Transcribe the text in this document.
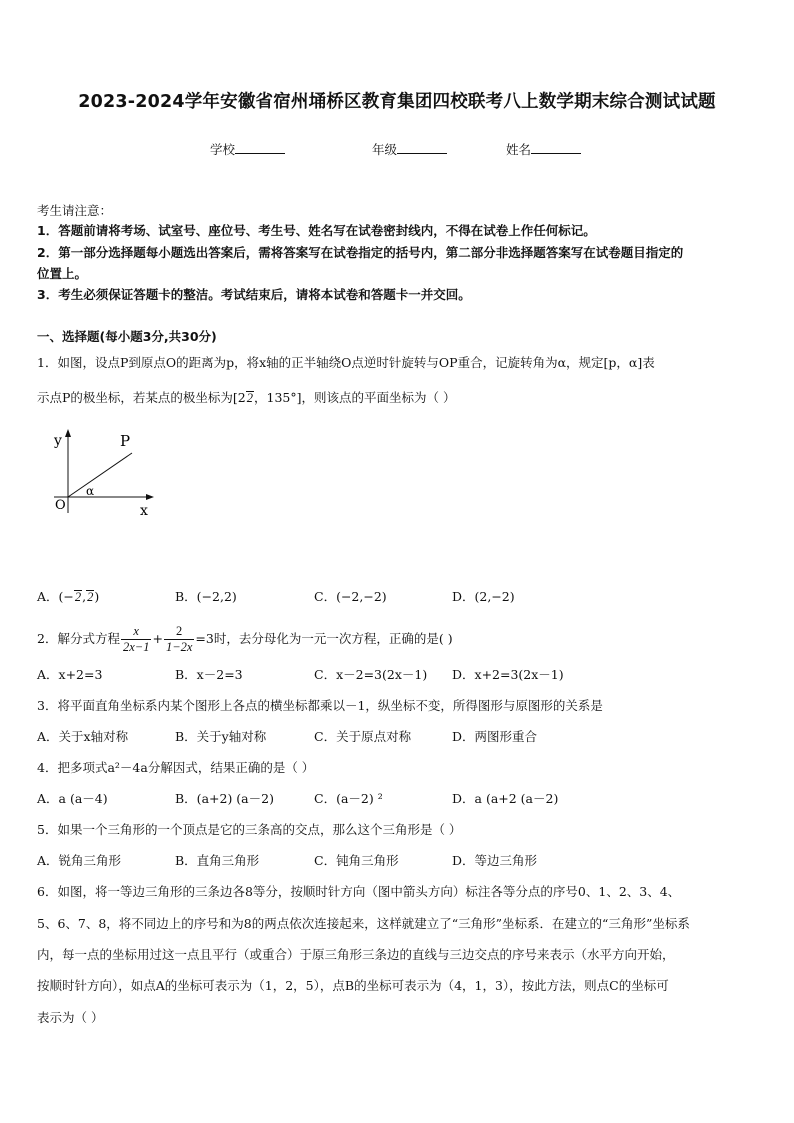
2023-2024学年安徽省宿州埇桥区教育集团四校联考八上数学期末综合测试试题
学校	年级	姓名
考生请注意：
1．答题前请将考场、试室号、座位号、考生号、姓名写在试卷密封线内，不得在试卷上作任何标记。
2．第一部分选择题每小题选出答案后，需将答案写在试卷指定的括号内，第二部分非选择题答案写在试卷题目指定的
位置上。
3．考生必须保证答题卡的整洁。考试结束后，请将本试卷和答题卡一并交回。
一、选择题(每小题3分,共30分)
1．如图，设点P到原点O的距离为p，将x轴的正半轴绕O点逆时针旋转与OP重合，记旋转角为α，规定[p，α]表
示点P的极坐标，若某点的极坐标为[22，135°]，则该点的平面坐标为（ ）
y
x
P
O
α
A．(−2,2)	B．(−2,2)	C．(−2,−2)	D．(2,−2)
2．解分式方程 $\frac{x}{2x-1} + \frac{2}{1-2x} =3$时，去分母化为一元一次方程，正确的是( )
A．x+2=3	B．x－2=3	C．x－2=3(2x－1) D．x+2=3(2x－1)
3．将平面直角坐标系内某个图形上各点的横坐标都乘以－1，纵坐标不变，所得图形与原图形的关系是
A．关于x轴对称	B．关于y轴对称	C．关于原点对称	D．两图形重合
4．把多项式a²－4a分解因式，结果正确的是（ ）
A．a (a－4)	B．(a+2) (a－2)	C．(a－2) ²	D．a (a+2 (a－2)
5．如果一个三角形的一个顶点是它的三条高的交点，那么这个三角形是（ ）
A．锐角三角形	B．直角三角形	C．钝角三角形	D．等边三角形
6．如图，将一等边三角形的三条边各8等分，按顺时针方向（图中箭头方向）标注各等分点的序号0、1、2、3、4、
5、6、7、8，将不同边上的序号和为8的两点依次连接起来，这样就建立了“三角形”坐标系．在建立的“三角形”坐标系
内，每一点的坐标用过这一点且平行（或重合）于原三角形三条边的直线与三边交点的序号来表示（水平方向开始，
按顺时针方向），如点A的坐标可表示为（1，2，5），点B的坐标可表示为（4，1，3），按此方法，则点C的坐标可
表示为（ ）
